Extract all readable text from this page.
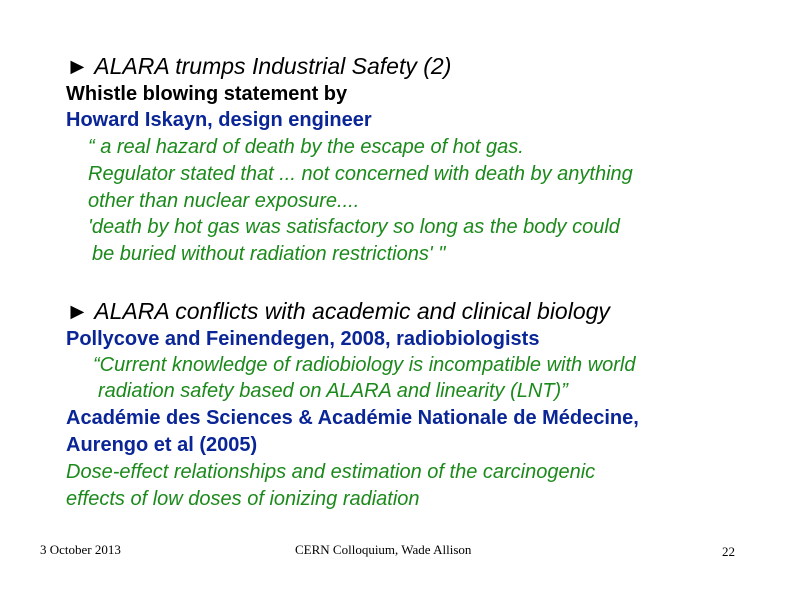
► ALARA trumps Industrial Safety (2)
Whistle blowing statement by
Howard Iskayn, design engineer
“ a real hazard of death by the escape of hot gas.
Regulator stated that ... not concerned with death by anything
other than nuclear exposure....
'death by hot gas was satisfactory so long as the body could
be buried without radiation restrictions' "
► ALARA conflicts with academic and clinical biology
Pollycove and Feinendegen, 2008, radiobiologists
“Current knowledge of radiobiology is incompatible with world
radiation safety based on ALARA and linearity (LNT)”
Académie des Sciences & Académie Nationale de Médecine,
Aurengo et al (2005)
Dose-effect relationships and estimation of the carcinogenic
effects of low doses of ionizing radiation
3 October 2013	CERN Colloquium, Wade Allison	22
